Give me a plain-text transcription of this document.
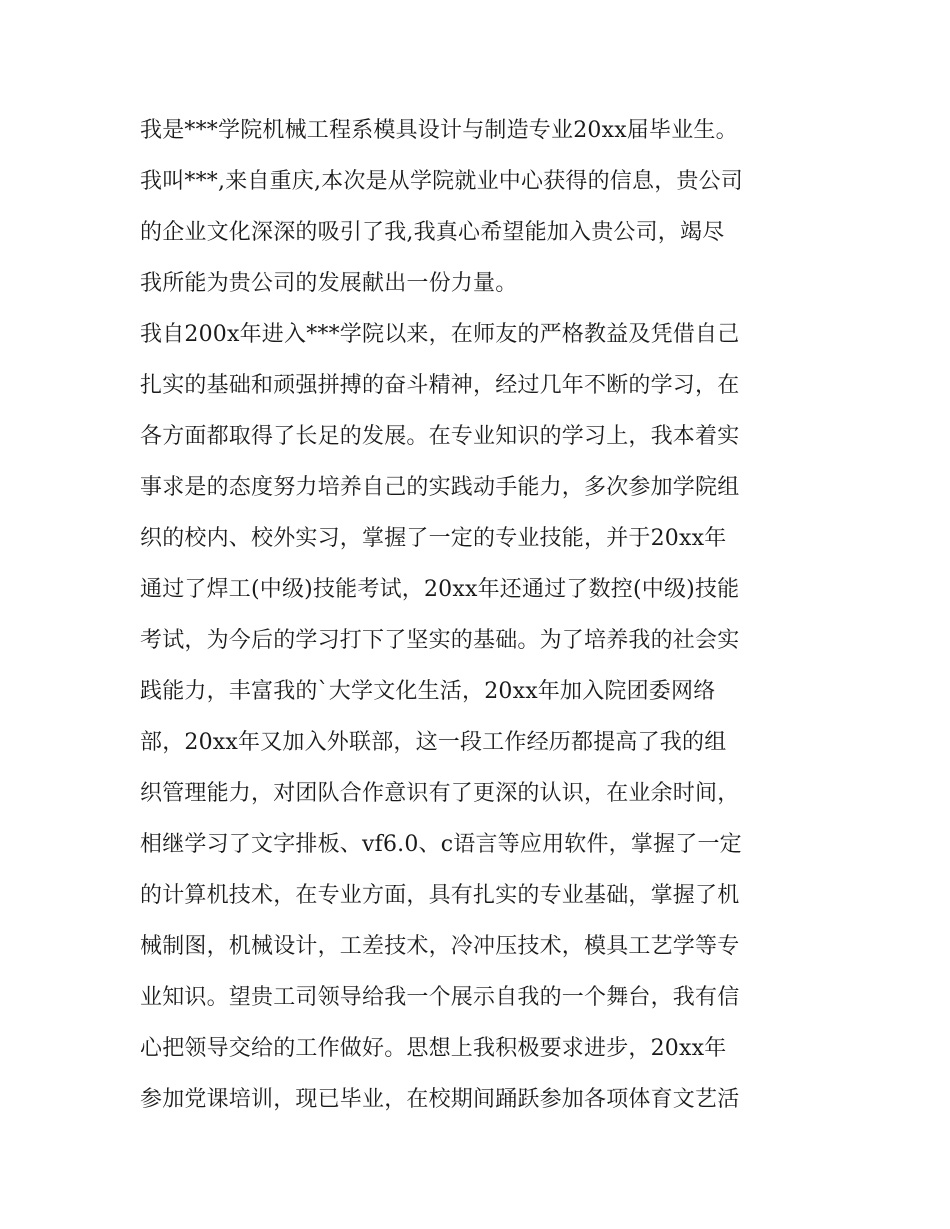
我是***学院机械工程系模具设计与制造专业20xx届毕业生。
我叫***,来自重庆,本次是从学院就业中心获得的信息，贵公司
的企业文化深深的吸引了我,我真心希望能加入贵公司，竭尽
我所能为贵公司的发展献出一份力量。
我自200x年进入***学院以来，在师友的严格教益及凭借自己
扎实的基础和顽强拼搏的奋斗精神，经过几年不断的学习，在
各方面都取得了长足的发展。在专业知识的学习上，我本着实
事求是的态度努力培养自己的实践动手能力，多次参加学院组
织的校内、校外实习，掌握了一定的专业技能，并于20xx年
通过了焊工(中级)技能考试，20xx年还通过了数控(中级)技能
考试，为今后的学习打下了坚实的基础。为了培养我的社会实
践能力，丰富我的`大学文化生活，20xx年加入院团委网络
部，20xx年又加入外联部，这一段工作经历都提高了我的组
织管理能力，对团队合作意识有了更深的认识，在业余时间，
相继学习了文字排板、vf6.0、c语言等应用软件，掌握了一定
的计算机技术，在专业方面，具有扎实的专业基础，掌握了机
械制图，机械设计，工差技术，冷冲压技术，模具工艺学等专
业知识。望贵工司领导给我一个展示自我的一个舞台，我有信
心把领导交给的工作做好。思想上我积极要求进步，20xx年
参加党课培训，现已毕业，在校期间踊跃参加各项体育文艺活
